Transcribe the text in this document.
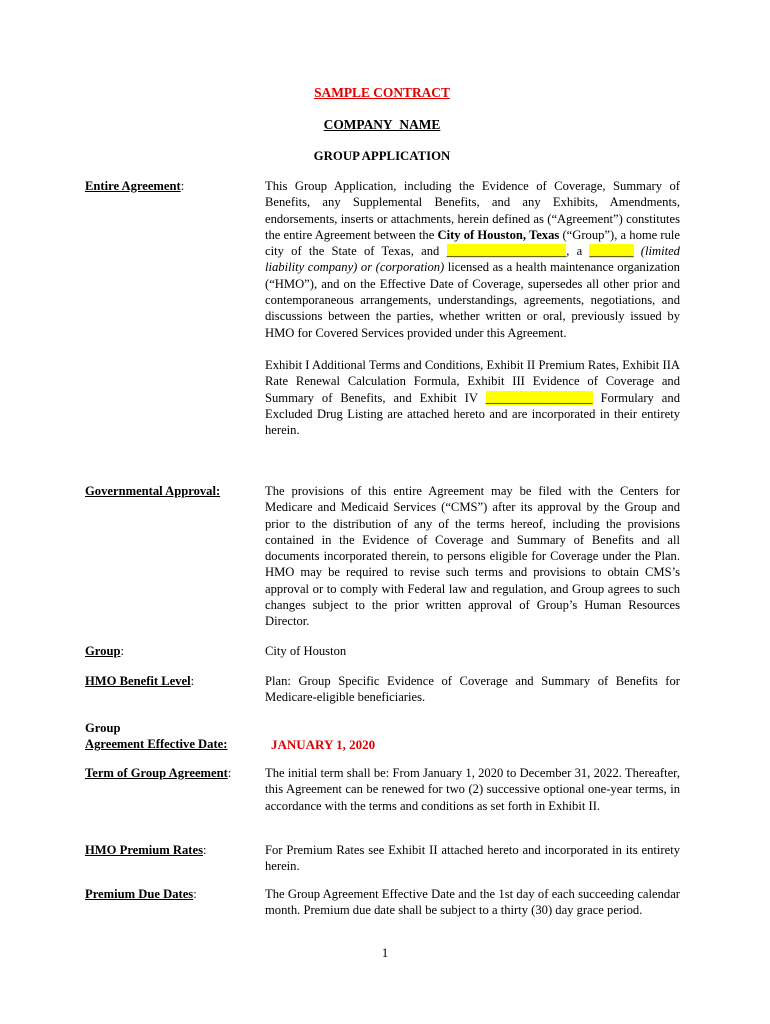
SAMPLE CONTRACT
COMPANY NAME
GROUP APPLICATION
Entire Agreement:	This Group Application, including the Evidence of Coverage, Summary of Benefits, any Supplemental Benefits, and any Exhibits, Amendments, endorsements, inserts or attachments, herein defined as (“Agreement”) constitutes the entire Agreement between the City of Houston, Texas (“Group”), a home rule city of the State of Texas, and ___________________, a _______ (limited liability company) or (corporation) licensed as a health maintenance organization (“HMO”), and on the Effective Date of Coverage, supersedes all other prior and contemporaneous arrangements, understandings, agreements, negotiations, and discussions between the parties, whether written or oral, previously issued by HMO for Covered Services provided under this Agreement.

Exhibit I Additional Terms and Conditions, Exhibit II Premium Rates, Exhibit IIA Rate Renewal Calculation Formula, Exhibit III Evidence of Coverage and Summary of Benefits, and Exhibit IV _________________ Formulary and Excluded Drug Listing are attached hereto and are incorporated in their entirety herein.

Governmental Approval:	The provisions of this entire Agreement may be filed with the Centers for Medicare and Medicaid Services (“CMS”) after its approval by the Group and prior to the distribution of any of the terms hereof, including the provisions contained in the Evidence of Coverage and Summary of Benefits and all documents incorporated therein, to persons eligible for Coverage under the Plan. HMO may be required to revise such terms and provisions to obtain CMS’s approval or to comply with Federal law and regulation, and Group agrees to such changes subject to the prior written approval of Group’s Human Resources Director.
Group:	City of Houston
HMO Benefit Level:	Plan: Group Specific Evidence of Coverage and Summary of Benefits for Medicare-eligible beneficiaries.
Group
Agreement Effective Date:	JANUARY 1, 2020
Term of Group Agreement:	The initial term shall be: From January 1, 2020 to December 31, 2022. Thereafter, this Agreement can be renewed for two (2) successive optional one-year terms, in accordance with the terms and conditions as set forth in Exhibit II.
HMO Premium Rates:	For Premium Rates see Exhibit II attached hereto and incorporated in its entirety herein.
Premium Due Dates:	The Group Agreement Effective Date and the 1st day of each succeeding calendar month. Premium due date shall be subject to a thirty (30) day grace period.
1
